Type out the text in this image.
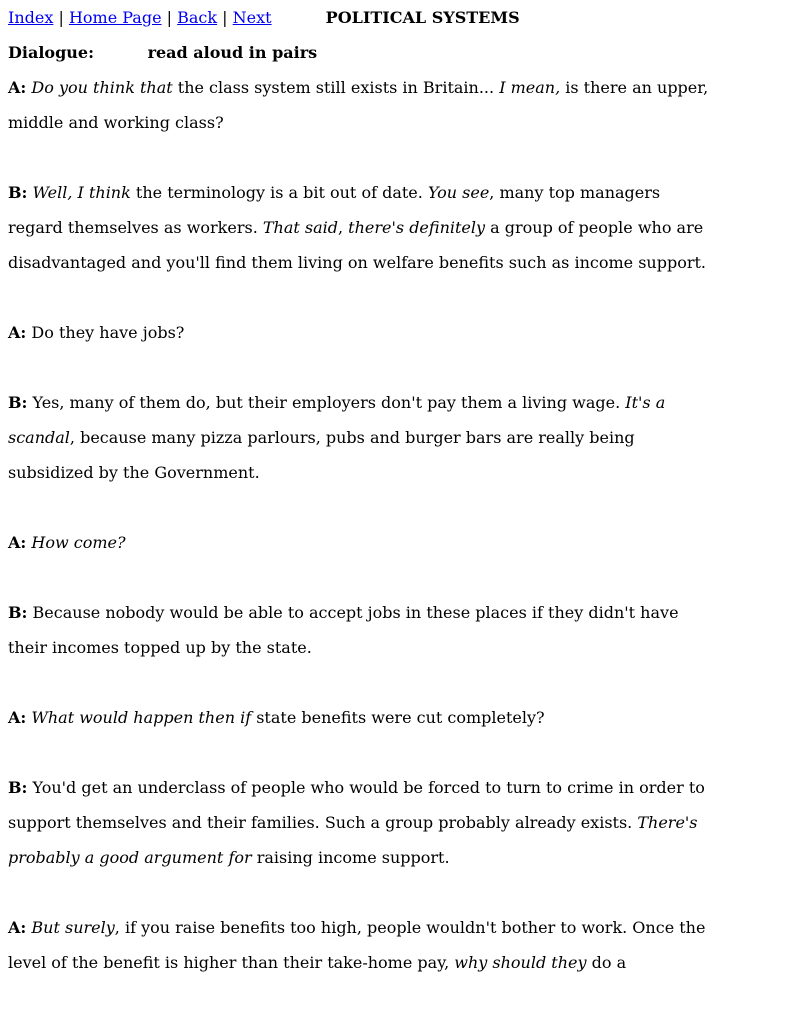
Index | Home Page | Back | Next	POLITICAL SYSTEMS
Dialogue:	read aloud in pairs

A: Do you think that the class system still exists in Britain... I mean, is there an upper, middle and working class?

B: Well, I think the terminology is a bit out of date. You see, many top managers regard themselves as workers. That said, there's definitely a group of people who are disadvantaged and you'll find them living on welfare benefits such as income support.

A: Do they have jobs?

B: Yes, many of them do, but their employers don't pay them a living wage. It's a scandal, because many pizza parlours, pubs and burger bars are really being subsidized by the Government.

A: How come?

B: Because nobody would be able to accept jobs in these places if they didn't have their incomes topped up by the state.

A: What would happen then if state benefits were cut completely?

B: You'd get an underclass of people who would be forced to turn to crime in order to support themselves and their families. Such a group probably already exists. There's probably a good argument for raising income support.

A: But surely, if you raise benefits too high, people wouldn't bother to work. Once the level of the benefit is higher than their take-home pay, why should they do a
